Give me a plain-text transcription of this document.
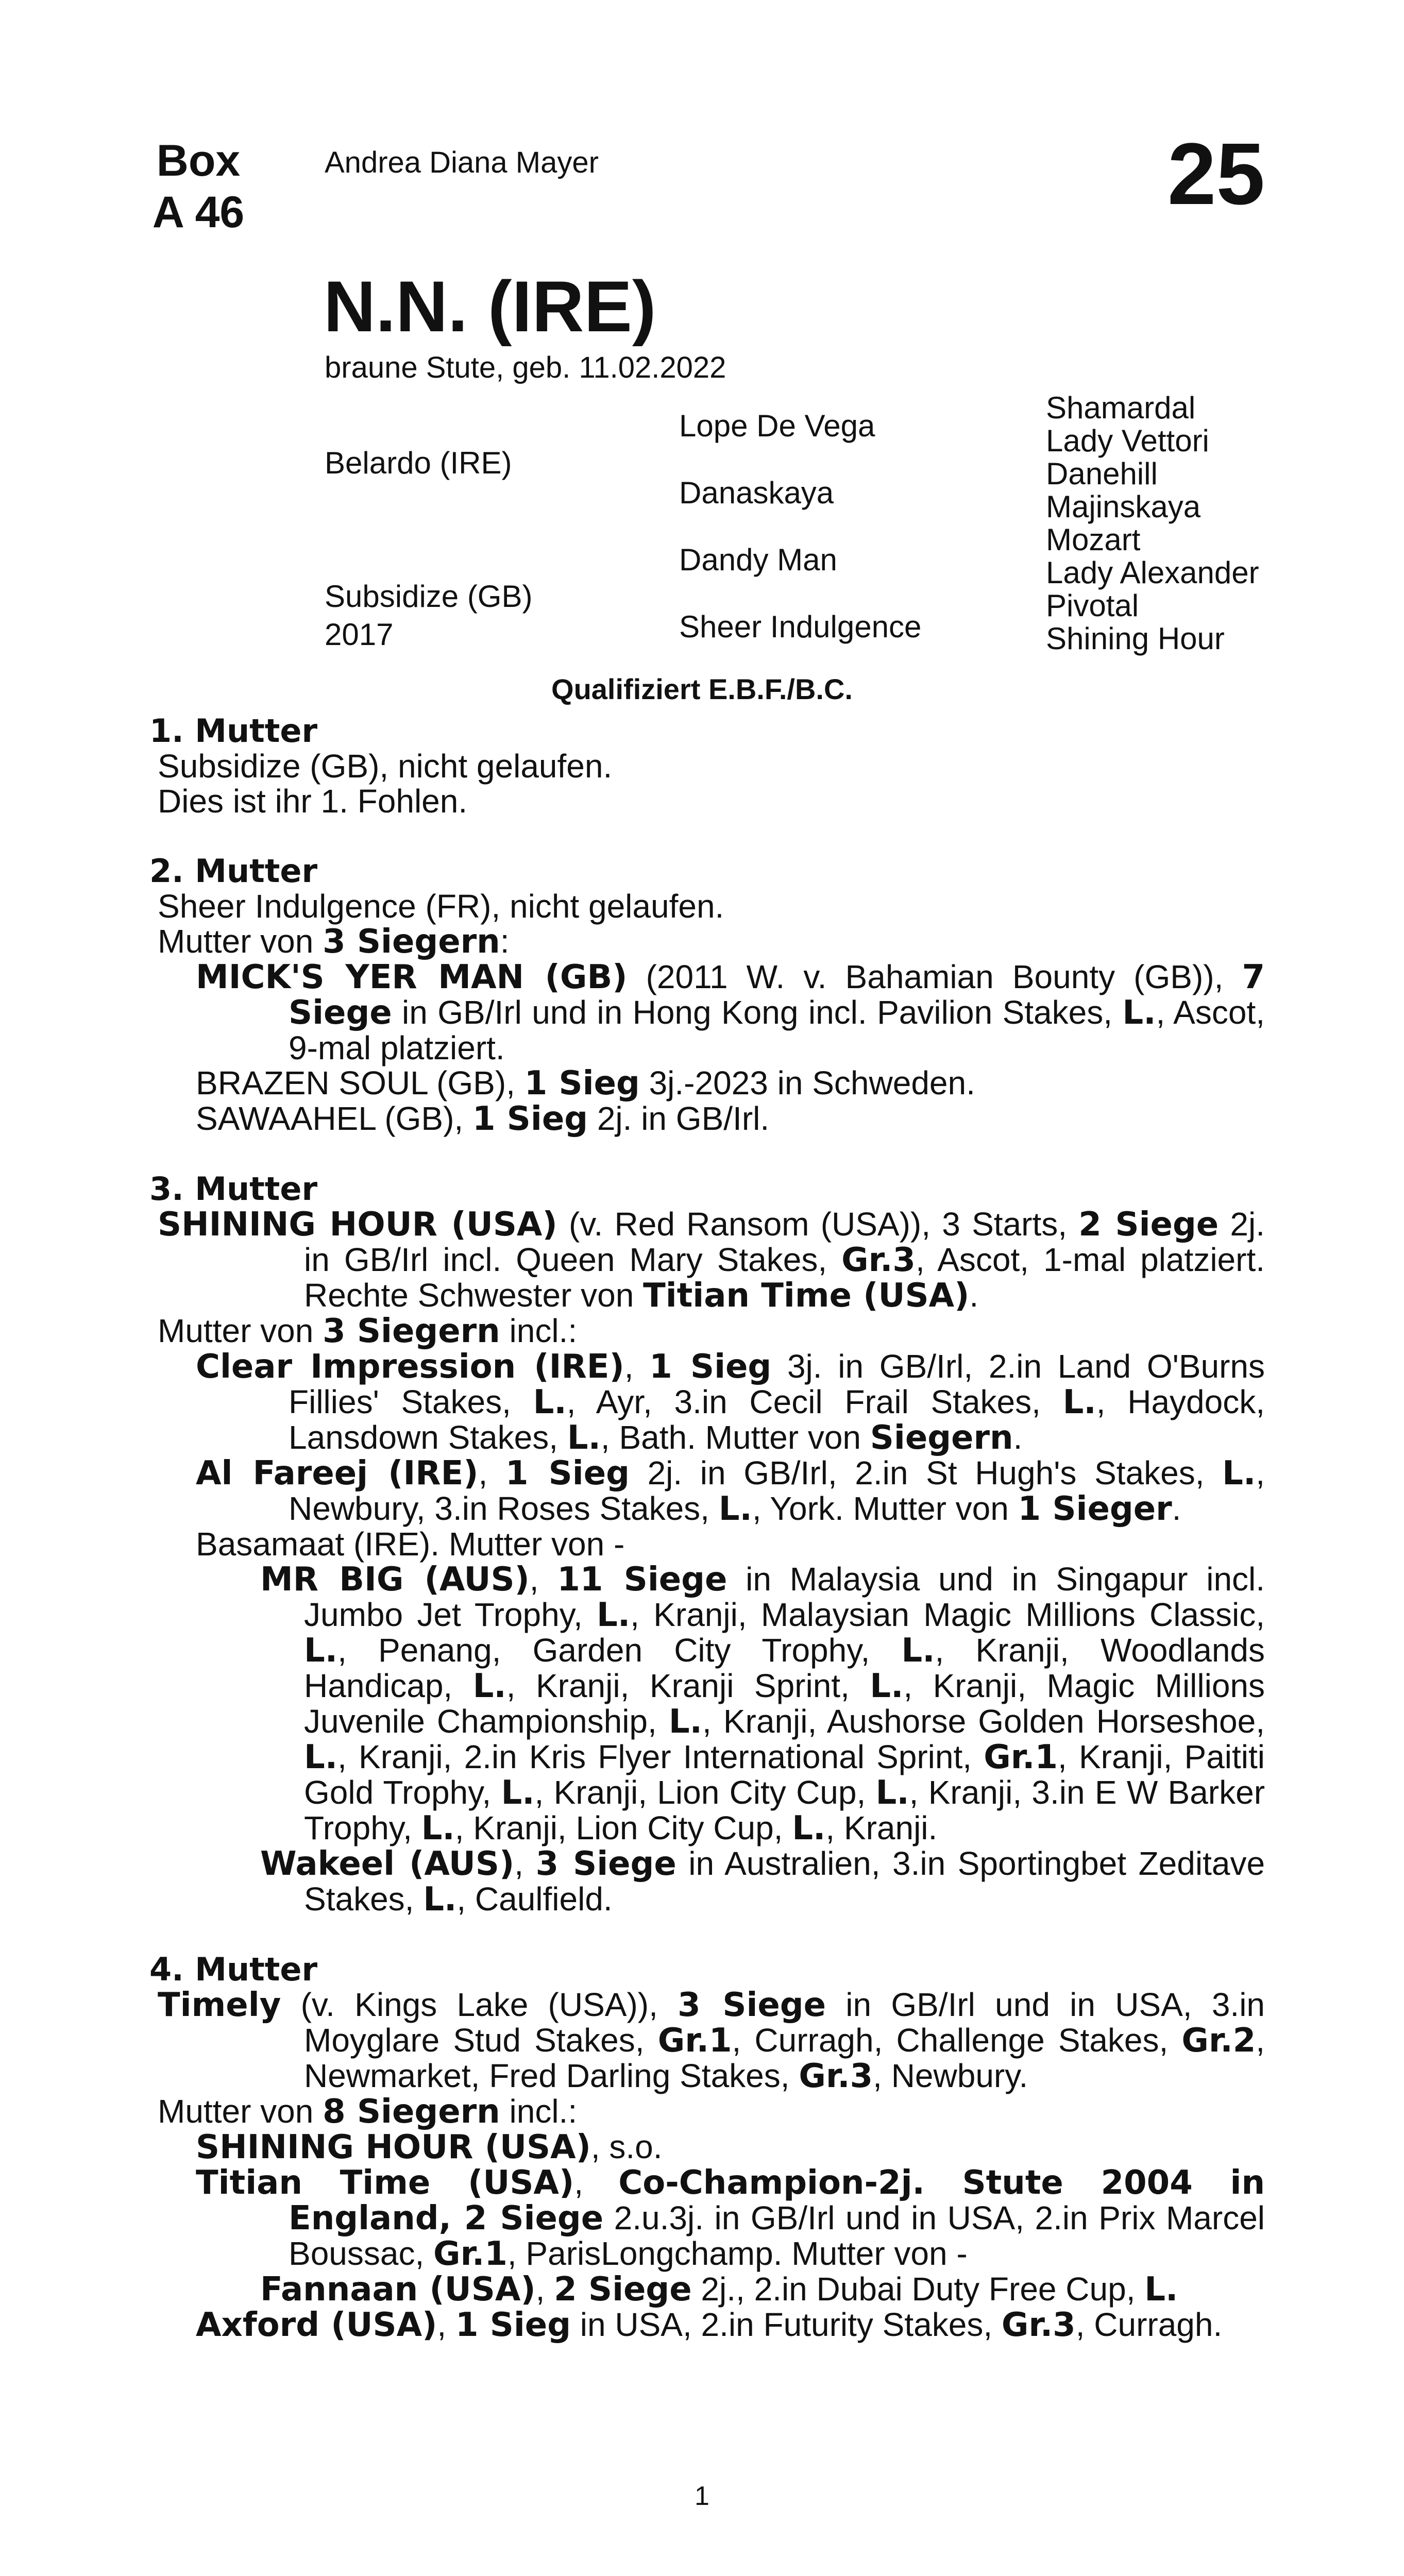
Box
A 46
Andrea Diana Mayer	25
N.N. (IRE)
braune Stute, geb. 11.02.2022
Belardo (IRE)
Subsidize (GB)
2017
Lope De Vega
Danaskaya
Dandy Man
Sheer Indulgence
Shamardal
Lady Vettori
Danehill
Majinskaya
Mozart
Lady Alexander
Pivotal
Shining Hour
Qualifiziert E.B.F./B.C.
1. Mutter
Subsidize (GB), nicht gelaufen.
Dies ist ihr 1. Fohlen.
2. Mutter
Sheer Indulgence (FR), nicht gelaufen.
Mutter von 3 Siegern:
MICK'S YER MAN (GB) (2011 W. v. Bahamian Bounty (GB)), 7 Siege in GB/Irl und in Hong Kong incl. Pavilion Stakes, L., Ascot, 9-mal platziert.
BRAZEN SOUL (GB), 1 Sieg 3j.-2023 in Schweden.
SAWAAHEL (GB), 1 Sieg 2j. in GB/Irl.
3. Mutter
SHINING HOUR (USA) (v. Red Ransom (USA)), 3 Starts, 2 Siege 2j. in GB/Irl incl. Queen Mary Stakes, Gr.3, Ascot, 1-mal platziert. Rechte Schwester von Titian Time (USA).
Mutter von 3 Siegern incl.:
Clear Impression (IRE), 1 Sieg 3j. in GB/Irl, 2.in Land O'Burns Fillies' Stakes, L., Ayr, 3.in Cecil Frail Stakes, L., Haydock, Lansdown Stakes, L., Bath. Mutter von Siegern.
Al Fareej (IRE), 1 Sieg 2j. in GB/Irl, 2.in St Hugh's Stakes, L., Newbury, 3.in Roses Stakes, L., York. Mutter von 1 Sieger.
Basamaat (IRE). Mutter von -
MR BIG (AUS), 11 Siege in Malaysia und in Singapur incl. Jumbo Jet Trophy, L., Kranji, Malaysian Magic Millions Classic, L., Penang, Garden City Trophy, L., Kranji, Woodlands Handicap, L., Kranji, Kranji Sprint, L., Kranji, Magic Millions Juvenile Championship, L., Kranji, Aushorse Golden Horseshoe, L., Kranji, 2.in Kris Flyer International Sprint, Gr.1, Kranji, Paititi Gold Trophy, L., Kranji, Lion City Cup, L., Kranji, 3.in E W Barker Trophy, L., Kranji, Lion City Cup, L., Kranji.
Wakeel (AUS), 3 Siege in Australien, 3.in Sportingbet Zeditave Stakes, L., Caulfield.
4. Mutter
Timely (v. Kings Lake (USA)), 3 Siege in GB/Irl und in USA, 3.in Moyglare Stud Stakes, Gr.1, Curragh, Challenge Stakes, Gr.2, Newmarket, Fred Darling Stakes, Gr.3, Newbury.
Mutter von 8 Siegern incl.:
SHINING HOUR (USA), s.o.
Titian Time (USA), Co-Champion-2j. Stute 2004 in England, 2 Siege 2.u.3j. in GB/Irl und in USA, 2.in Prix Marcel Boussac, Gr.1, ParisLongchamp. Mutter von -
Fannaan (USA), 2 Siege 2j., 2.in Dubai Duty Free Cup, L.
Axford (USA), 1 Sieg in USA, 2.in Futurity Stakes, Gr.3, Curragh.
1
